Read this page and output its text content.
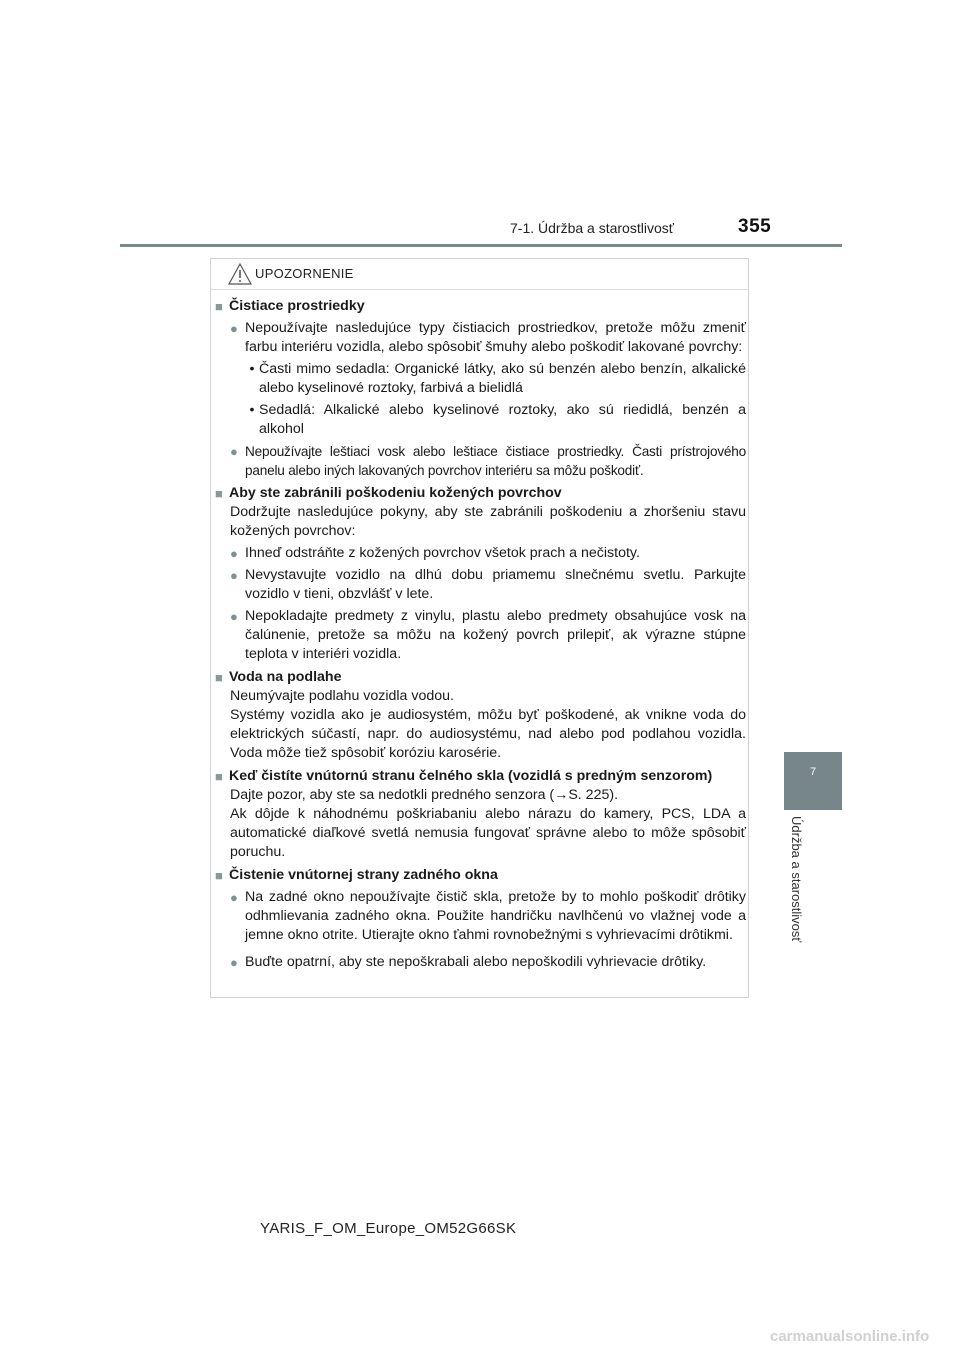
7-1. Údržba a starostlivosť	355
7
Údržba a starostlivosť
UPOZORNENIE
■ Čistiace prostriedky
● Nepoužívajte nasledujúce typy čistiacich prostriedkov, pretože môžu zmeniť farbu interiéru vozidla, alebo spôsobiť šmuhy alebo poškodiť lakované povrchy:
• Časti mimo sedadla: Organické látky, ako sú benzén alebo benzín, alkalické alebo kyselinové roztoky, farbivá a bielidlá
• Sedadlá: Alkalické alebo kyselinové roztoky, ako sú riedidlá, benzén a alkohol
● Nepoužívajte leštiaci vosk alebo leštiace čistiace prostriedky. Časti prístrojového panelu alebo iných lakovaných povrchov interiéru sa môžu poškodiť.
■ Aby ste zabránili poškodeniu kožených povrchov
Dodržujte nasledujúce pokyny, aby ste zabránili poškodeniu a zhoršeniu stavu kožených povrchov:
● Ihneď odstráňte z kožených povrchov všetok prach a nečistoty.
● Nevystavujte vozidlo na dlhú dobu priamemu slnečnému svetlu. Parkujte vozidlo v tieni, obzvlášť v lete.
● Nepokladajte predmety z vinylu, plastu alebo predmety obsahujúce vosk na čalúnenie, pretože sa môžu na kožený povrch prilepiť, ak výrazne stúpne teplota v interiéri vozidla.
■ Voda na podlahe
Neumývajte podlahu vozidla vodou.
Systémy vozidla ako je audiosystém, môžu byť poškodené, ak vnikne voda do elektrických súčastí, napr. do audiosystému, nad alebo pod podlahou vozidla. Voda môže tiež spôsobiť koróziu karosérie.
■ Keď čistíte vnútornú stranu čelného skla (vozidlá s predným senzorom)
Dajte pozor, aby ste sa nedotkli predného senzora (→S. 225).
Ak dôjde k náhodnému poškriabaniu alebo nárazu do kamery, PCS, LDA a automatické diaľkové svetlá nemusia fungovať správne alebo to môže spôsobiť poruchu.
■ Čistenie vnútornej strany zadného okna
● Na zadné okno nepoužívajte čistič skla, pretože by to mohlo poškodiť drôtiky odhmlievania zadného okna. Použite handričku navlhčenú vo vlažnej vode a jemne okno otrite. Utierajte okno ťahmi rovnobežnými s vyhrievacími drôtikmi.
● Buďte opatrní, aby ste nepoškrabali alebo nepoškodili vyhrievacie drôtiky.
YARIS_F_OM_Europe_OM52G66SK
carmanualsonline.info
